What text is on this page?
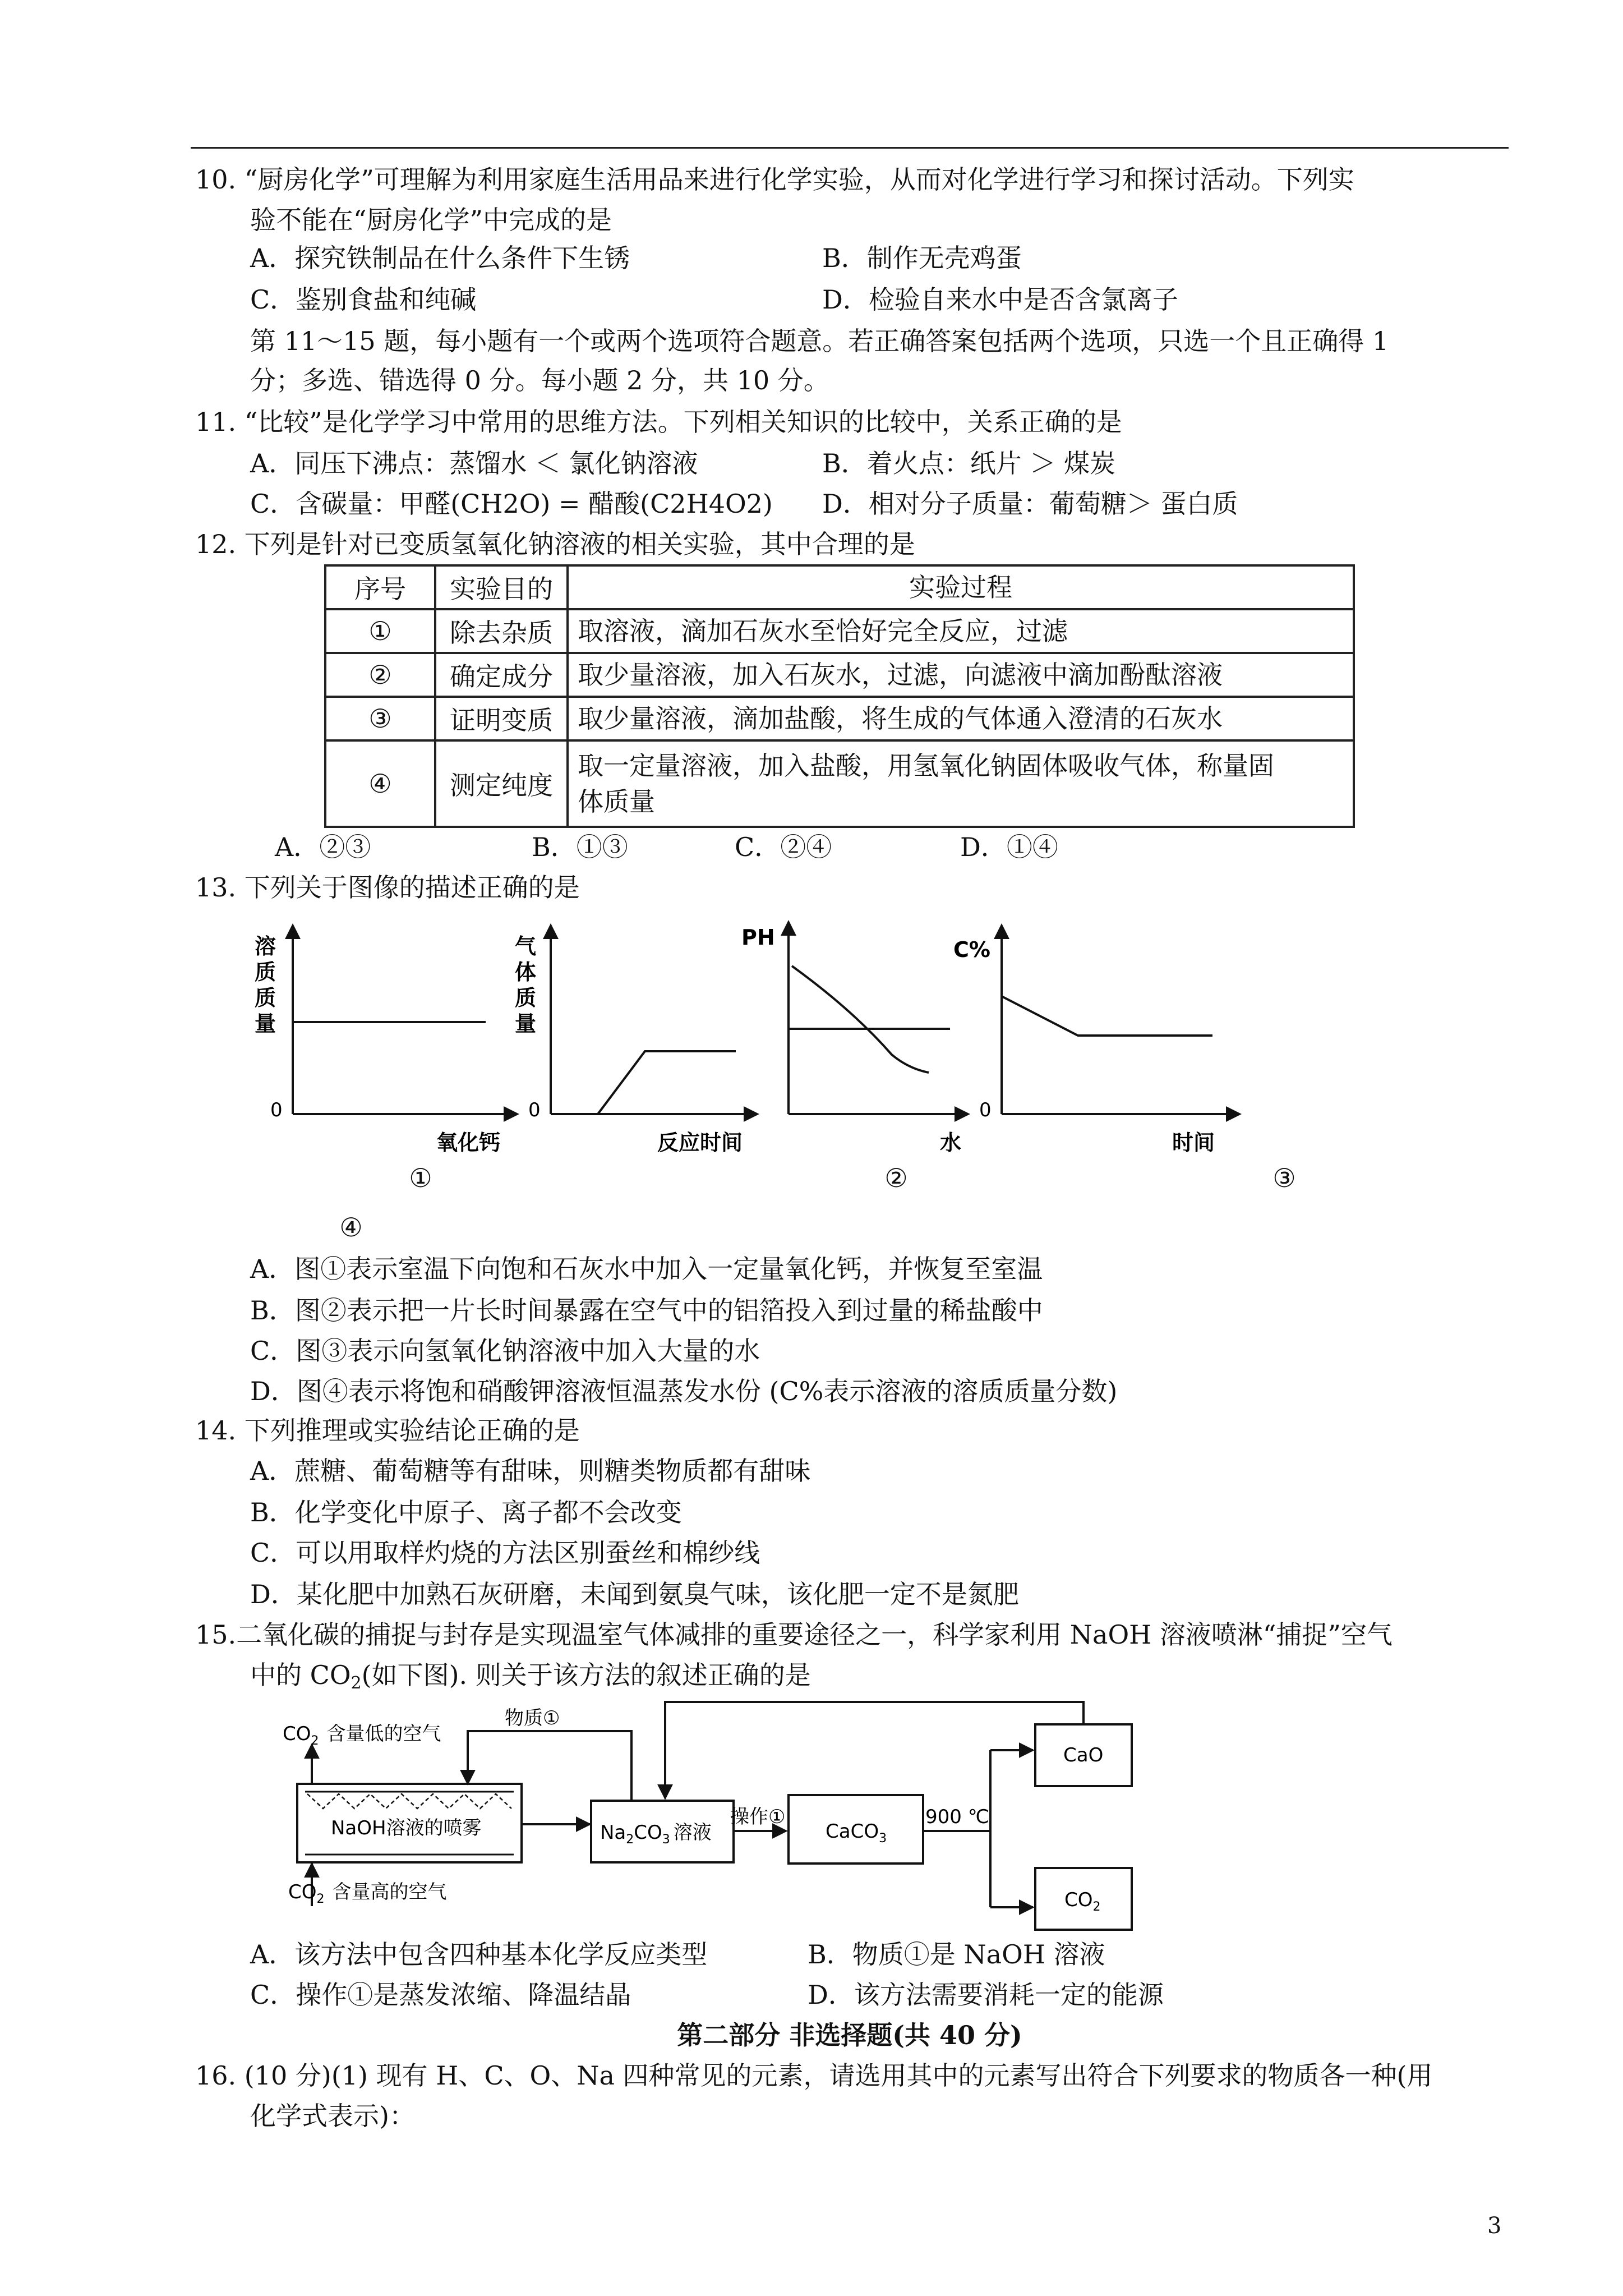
10. “厨房化学”可理解为利用家庭生活用品来进行化学实验，从而对化学进行学习和探讨活动。下列实
验不能在“厨房化学”中完成的是
A．探究铁制品在什么条件下生锈	B．制作无壳鸡蛋
C．鉴别食盐和纯碱	D．检验自来水中是否含氯离子
第 11～15 题，每小题有一个或两个选项符合题意。若正确答案包括两个选项，只选一个且正确得 1
分；多选、错选得 0 分。每小题 2 分，共 10 分。
11. “比较”是化学学习中常用的思维方法。下列相关知识的比较中，关系正确的是
A．同压下沸点：蒸馏水 ＜ 氯化钠溶液	B．着火点：纸片 ＞ 煤炭
C．含碳量：甲醛(CH2O) = 醋酸(C2H4O2) D．相对分子质量：葡萄糖＞ 蛋白质
12. 下列是针对已变质氢氧化钠溶液的相关实验，其中合理的是
序号	实验目的	实验过程
①	除去杂质	取溶液，滴加石灰水至恰好完全反应，过滤
②	确定成分	取少量溶液，加入石灰水，过滤，向滤液中滴加酚酞溶液
③	证明变质	取少量溶液，滴加盐酸，将生成的气体通入澄清的石灰水
④	测定纯度	取一定量溶液，加入盐酸，用氢氧化钠固体吸收气体，称量固
体质量
A．②③	B．①③	C．②④	D．①④
13. 下列关于图像的描述正确的是
溶
质
质
量
0
氧化钙
气
体
质
量
0
反应时间
PH
水
C%
0
时间
①	②	③
④
A．图①表示室温下向饱和石灰水中加入一定量氧化钙，并恢复至室温
B．图②表示把一片长时间暴露在空气中的铝箔投入到过量的稀盐酸中
C．图③表示向氢氧化钠溶液中加入大量的水
D．图④表示将饱和硝酸钾溶液恒温蒸发水份 (C%表示溶液的溶质质量分数)
14. 下列推理或实验结论正确的是
A．蔗糖、葡萄糖等有甜味，则糖类物质都有甜味
B．化学变化中原子、离子都不会改变
C．可以用取样灼烧的方法区别蚕丝和棉纱线
D．某化肥中加熟石灰研磨，未闻到氨臭气味，该化肥一定不是氮肥
15.二氧化碳的捕捉与封存是实现温室气体减排的重要途径之一，科学家利用 NaOH 溶液喷淋“捕捉”空气
中的 $CO_2$(如下图). 则关于该方法的叙述正确的是
NaOH溶液的喷雾
$CO_2$ 含量低的空气
$CO_2$ 含量高的空气
物质①
$Na_2CO_3$ 溶液
操作①
CaCO$_3$
900 ℃
CaO
$CO_2$
A．该方法中包含四种基本化学反应类型	B．物质①是 NaOH 溶液
C．操作①是蒸发浓缩、降温结晶	D．该方法需要消耗一定的能源
第二部分 非选择题(共 40 分)
16. (10 分)(1) 现有 H、C、O、Na 四种常见的元素，请选用其中的元素写出符合下列要求的物质各一种(用
化学式表示)：
3
